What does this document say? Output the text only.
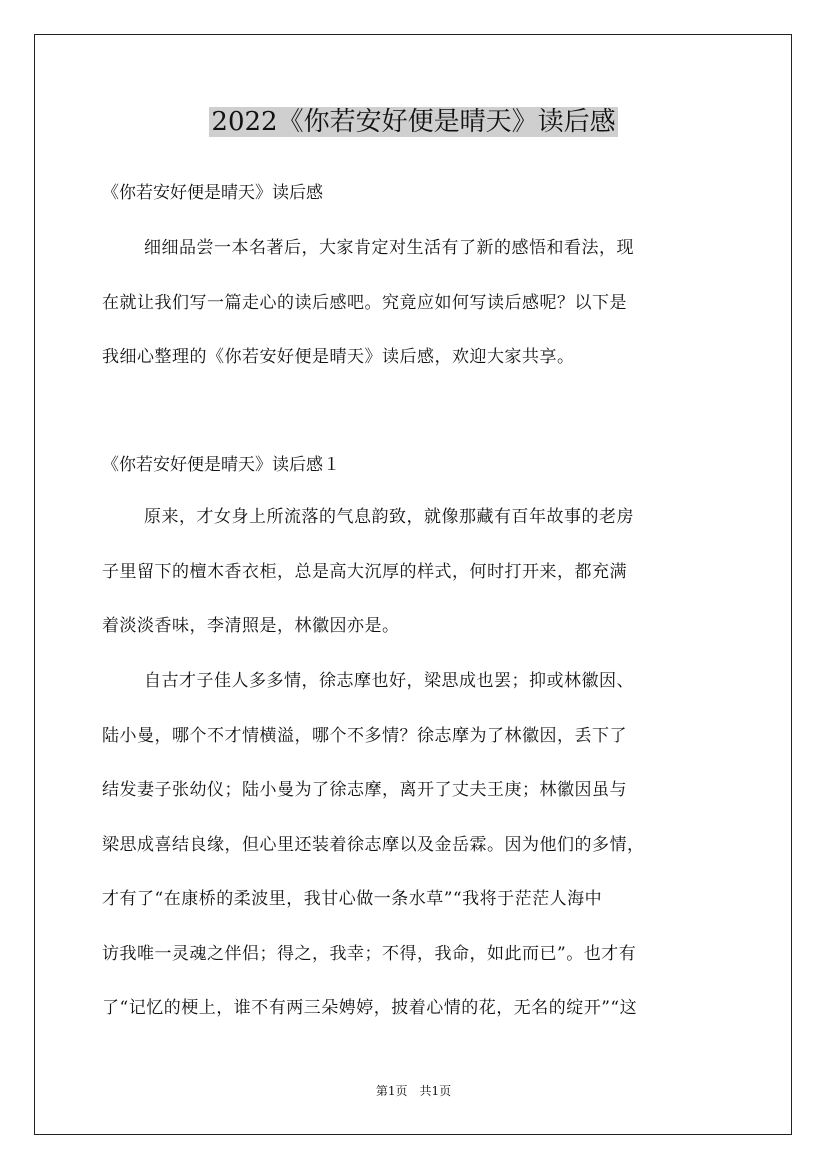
2022《你若安好便是晴天》读后感
《你若安好便是晴天》读后感
细细品尝一本名著后，大家肯定对生活有了新的感悟和看法，现
在就让我们写一篇走心的读后感吧。究竟应如何写读后感呢？以下是
我细心整理的《你若安好便是晴天》读后感，欢迎大家共享。
《你若安好便是晴天》读后感１
原来，才女身上所流落的气息韵致，就像那藏有百年故事的老房
子里留下的檀木香衣柜，总是高大沉厚的样式，何时打开来，都充满
着淡淡香味，李清照是，林徽因亦是。
自古才子佳人多多情，徐志摩也好，梁思成也罢；抑或林徽因、
陆小曼，哪个不才情横溢，哪个不多情？徐志摩为了林徽因，丢下了
结发妻子张幼仪；陆小曼为了徐志摩，离开了丈夫王庚；林徽因虽与
梁思成喜结良缘，但心里还装着徐志摩以及金岳霖。因为他们的多情，
才有了“在康桥的柔波里，我甘心做一条水草”“我将于茫茫人海中
访我唯一灵魂之伴侣；得之，我幸；不得，我命，如此而已”。也才有
了“记忆的梗上，谁不有两三朵娉婷，披着心情的花，无名的绽开”“这
第1页　共1页
